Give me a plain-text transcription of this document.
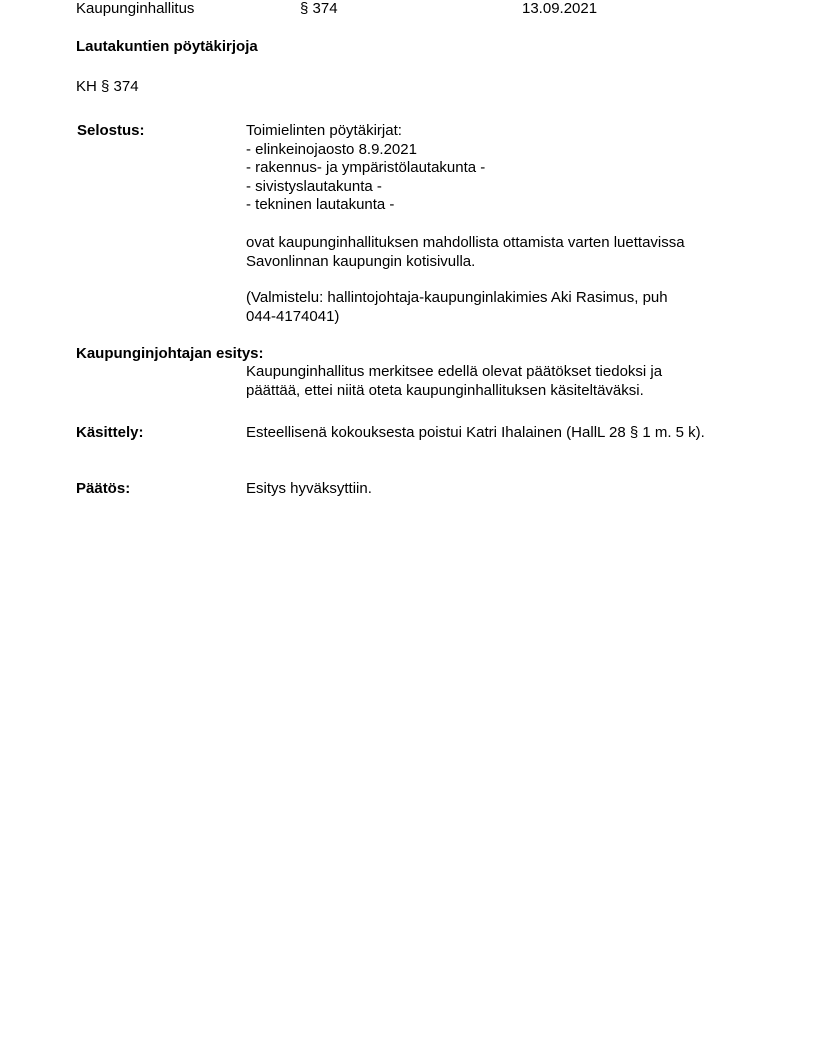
Kaupunginhallitus	§ 374	13.09.2021
Lautakuntien pöytäkirjoja
KH § 374
Selostus:	Toimielinten pöytäkirjat:
- elinkeinojaosto 8.9.2021
- rakennus- ja ympäristölautakunta -
- sivistyslautakunta -
- tekninen lautakunta -
ovat kaupunginhallituksen mahdollista ottamista varten luettavissa
Savonlinnan kaupungin kotisivulla.
(Valmistelu: hallintojohtaja-kaupunginlakimies Aki Rasimus, puh
044-4174041)
Kaupunginjohtajan esitys:
Kaupunginhallitus merkitsee edellä olevat päätökset tiedoksi ja
päättää, ettei niitä oteta kaupunginhallituksen käsiteltäväksi.
Käsittely:	Esteellisenä kokouksesta poistui Katri Ihalainen (HallL 28 § 1 m. 5 k).
Päätös:	Esitys hyväksyttiin.
